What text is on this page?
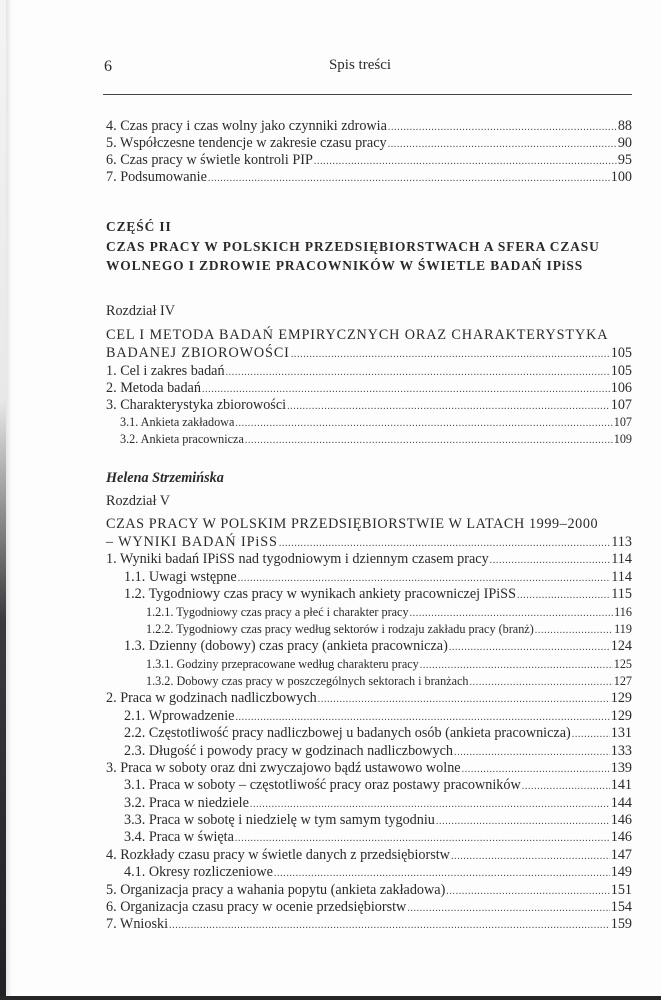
6	Spis treści
4. Czas pracy i czas wolny jako czynniki zdrowia .....	88
5. Współczesne tendencje w zakresie czasu pracy .....	90
6. Czas pracy w świetle kontroli PIP .....	95
7. Podsumowanie .....	100
CZĘŚĆ II
CZAS PRACY W POLSKICH PRZEDSIĘBIORSTWACH A SFERA CZASU
WOLNEGO I ZDROWIE PRACOWNIKÓW W ŚWIETLE BADAŃ IPiSS
Rozdział IV
CEL I METODA BADAŃ EMPIRYCZNYCH ORAZ CHARAKTERYSTYKA
BADANEJ ZBIOROWOŚCI .....	105
1. Cel i zakres badań .....	105
2. Metoda badań .....	106
3. Charakterystyka zbiorowości .....	107
3.1. Ankieta zakładowa .....	107
3.2. Ankieta pracownicza .....	109
Helena Strzemińska
Rozdział V
CZAS PRACY W POLSKIM PRZEDSIĘBIORSTWIE W LATACH 1999–2000
– WYNIKI BADAŃ IPiSS .....	113
1. Wyniki badań IPiSS nad tygodniowym i dziennym czasem pracy .....	114
1.1. Uwagi wstępne .....	114
1.2. Tygodniowy czas pracy w wynikach ankiety pracowniczej IPiSS .....	115
1.2.1. Tygodniowy czas pracy a płeć i charakter pracy .....	116
1.2.2. Tygodniowy czas pracy według sektorów i rodzaju zakładu pracy (branż) .....	119
1.3. Dzienny (dobowy) czas pracy (ankieta pracownicza) .....	124
1.3.1. Godziny przepracowane według charakteru pracy .....	125
1.3.2. Dobowy czas pracy w poszczególnych sektorach i branżach .....	127
2. Praca w godzinach nadliczbowych .....	129
2.1. Wprowadzenie .....	129
2.2. Częstotliwość pracy nadliczbowej u badanych osób (ankieta pracownicza) .....	131
2.3. Długość i powody pracy w godzinach nadliczbowych .....	133
3. Praca w soboty oraz dni zwyczajowo bądź ustawowo wolne .....	139
3.1. Praca w soboty – częstotliwość pracy oraz postawy pracowników .....	141
3.2. Praca w niedziele .....	144
3.3. Praca w sobotę i niedzielę w tym samym tygodniu .....	146
3.4. Praca w święta .....	146
4. Rozkłady czasu pracy w świetle danych z przedsiębiorstw .....	147
4.1. Okresy rozliczeniowe .....	149
5. Organizacja pracy a wahania popytu (ankieta zakładowa) .....	151
6. Organizacja czasu pracy w ocenie przedsiębiorstw .....	154
7. Wnioski .....	159
